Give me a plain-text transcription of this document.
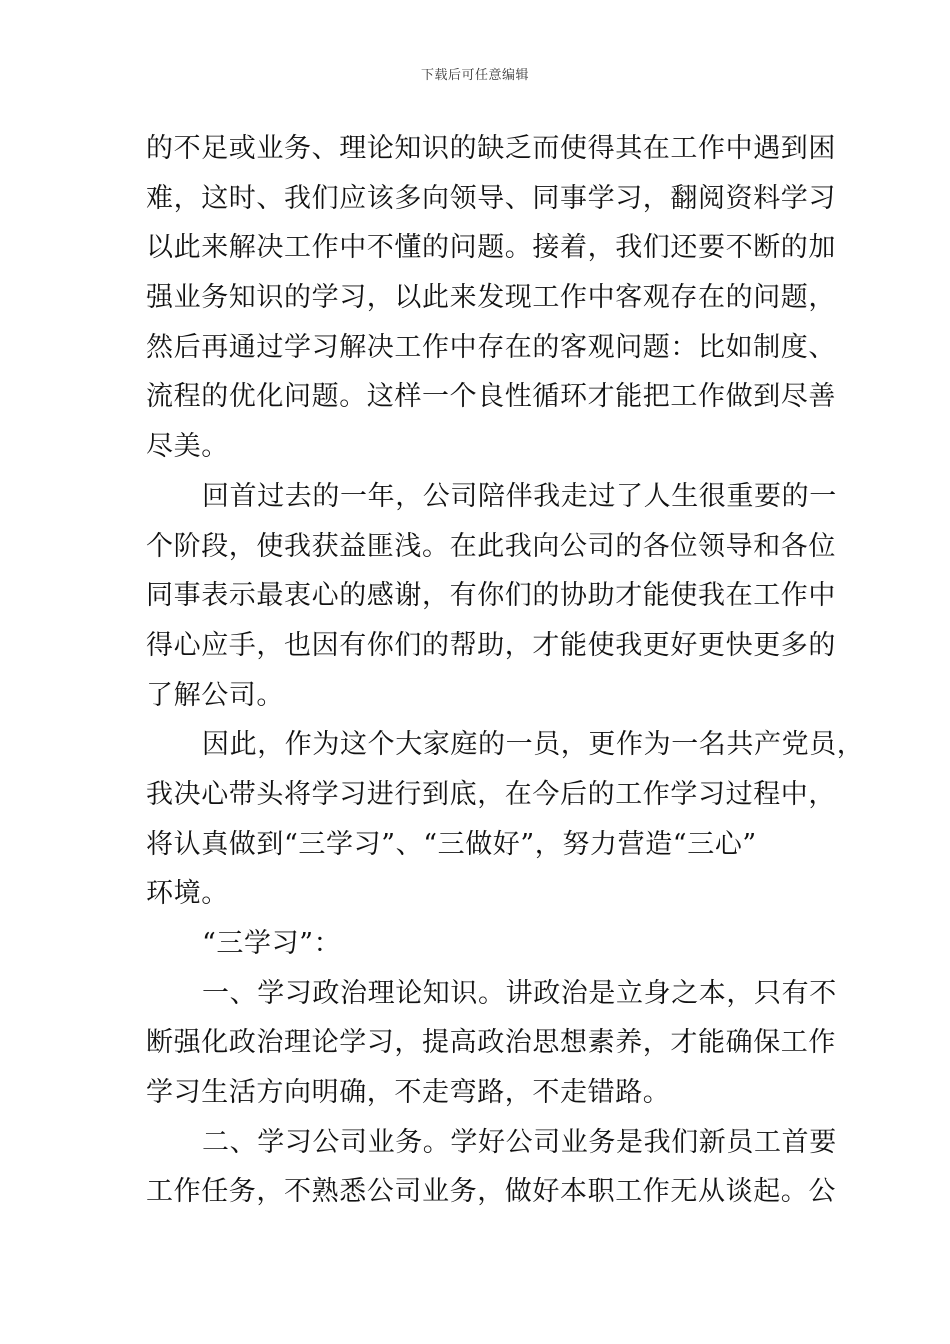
下载后可任意编辑
的不足或业务、理论知识的缺乏而使得其在工作中遇到困
难，这时、我们应该多向领导、同事学习，翻阅资料学习
以此来解决工作中不懂的问题。接着，我们还要不断的加
强业务知识的学习，以此来发现工作中客观存在的问题，
然后再通过学习解决工作中存在的客观问题：比如制度、
流程的优化问题。这样一个良性循环才能把工作做到尽善
尽美。
回首过去的一年，公司陪伴我走过了人生很重要的一
个阶段，使我获益匪浅。在此我向公司的各位领导和各位
同事表示最衷心的感谢，有你们的协助才能使我在工作中
得心应手，也因有你们的帮助，才能使我更好更快更多的
了解公司。
因此，作为这个大家庭的一员，更作为一名共产党员，
我决心带头将学习进行到底，在今后的工作学习过程中，
将认真做到“三学习”、“三做好”，努力营造“三心”
环境。
“三学习”：
一、学习政治理论知识。讲政治是立身之本，只有不
断强化政治理论学习，提高政治思想素养，才能确保工作
学习生活方向明确，不走弯路，不走错路。
二、学习公司业务。学好公司业务是我们新员工首要
工作任务，不熟悉公司业务，做好本职工作无从谈起。公
